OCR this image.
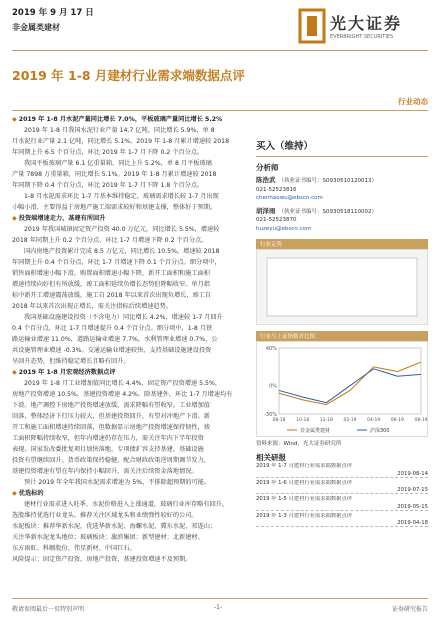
2019 年 9 月 17 日
非金属类建材	光大证券
EVERBRIGHT SECURITIES
2019 年 1-8 月建材行业需求端数据点评
行业动态
◆ 2019 年 1-8 月水泥产量同比增长 7.0%，平板玻璃产量同比增长 5.2%
2019 年 1-8 月我国水泥行业产量 14.7 亿吨，同比增长 5.9%，单 8
月水泥行业产量 2.1 亿吨，同比增长 5.1%。2019 年 1-8 月累计增速较 2018
年同期上升 6.5 个百分点，环比 2019 年 1-7 月下降 0.2 个百分点。
我国平板玻璃产量 6.1 亿重量箱，同比上升 5.2%，单 8 月平板玻璃
产量 7898 万重量箱，同比增长 5.1%。2019 年 1-8 月累计增速较 2018
年同期下降 0.4 个百分点，环比 2019 年 1-7 月下降 1.8 个百分点。
1-8 月水泥需求环比 1-7 月基本维持稳定，玻璃需求增长较 1-7 月出现
小幅小滑，主要得益于房地产施工端需求较好和基建支撑，整体好于预期。
◆ 投资端增速走力，基建有所回升
2019 年我国城镇固定资产投资 40.0 万亿元，同比增长 5.5%，增速较
2018 年同期上升 0.2 个百分点，环比 1-7 月增速下降 0.2 个百分点。
国内房地产投资累计完成 8.5 万亿元，同比增长 10.5%，增速较 2018
年同期上升 0.4 个百分点，环比 1-7 月增速下降 0.1 个百分点。细分项中，
销售面积增速小幅下滑，购置面积增速小幅下降，新开工面积和施工面积
增速持续向好但有所放缓，竣工面积延续负增长态势但降幅收窄。单月指
标中新开工增速震荡放缓，施工自 2018 年以来首次出现负增长，竣工自
2018 年以来首次出现正增长，需关注指标后续增速趋势。
我国基础设施建设投资（不含电力）同比增长 4.2%，增速较 1-7 月回升
0.4 个百分点，环比 1-7 月增速提升 0.4 个百分点。细分项中，1-8 月铁
路运输业增速 11.0%，道路运输业增速 7.7%，水利管理业增速 0.7%，公
共设施管理业增速 -0.3%。交通运输业增速较快，支持基础设施建设投资
呈回升态势，但维持稳定增长且略有回升。
◆ 2019 年 1-8 月宏观经济数据点评
2019 年 1-8 月工业增加值同比增长 4.4%，固定资产投资增速 5.5%，
房地产投资增速 10.5%，基建投资增速 4.2%。除基建外，环比 1-7 月增速均有
下滑。地产调控下房地产投资增速放缓，需求降幅有望收窄。工业增加值
回落，整体经济下行压力较大，但基建投资回升，有望对冲地产下滑。新
开工和施工面积增速持续回落，但数据显示房地产投资增速保持韧性，竣
工面积降幅持续收窄，但年内增速仍存在压力，需关注年内下半年投资
表现。国家发改委批复项目加快落地，专项债扩容支持基建，基础设施
投资有望继续回升。货币政策保持稳健，配合财政政策逆周期调节发力，
基建投资增速有望在年内保持小幅回升，需关注后续资金落地情况。
预计 2019 年全年我国水泥需求增速为 5%，不排除超预期的可能。
◆ 优选标的
建材行业需求进入旺季，水泥价格进入上涨通道，玻璃行业库存略有回升，
选股维持优选行业龙头。推荐关注区域龙头和业绩弹性较好的公司。
水泥板块：推荐华新水泥，优选华新水泥、海螺水泥、冀东水泥、祁连山；
关注华新水泥龙头地位；玻璃板块：旗滨集团；新型建材：北新建材、
东方雨虹、科顺股份、伟星新材、中国巨石。
风险提示：固定资产投资、房地产投资、基建投资增速不及预期。
买入（维持）
分析师
陈浩武 （执业证书编号：S0930510120013）
021-52523816
chenhaowu@ebscn.com
胡泽雨 （执业证书编号：S0930518110002）
021-52523870
huzeyu@ebscn.com
行业走势
行业与上证指数对比图
-30%
0%
40%
08-18 10-18 12-18 02-19 04-19 06-19 08-19
非金属类建材	沪深300
资料来源：Wind，光大证券研究所
相关研报
2019 年 1-7 月建材行业需求端数据点评
2019-08-14
2019 年 1-6 月建材行业需求端数据点评
2019-07-15
2019 年 1-5 月建材行业需求端数据点评
2019-05-15
2019 年 1-3 月建材行业需求端数据点评
2019-04-18
敬请参阅最后一页特别声明	-1-	证券研究报告
